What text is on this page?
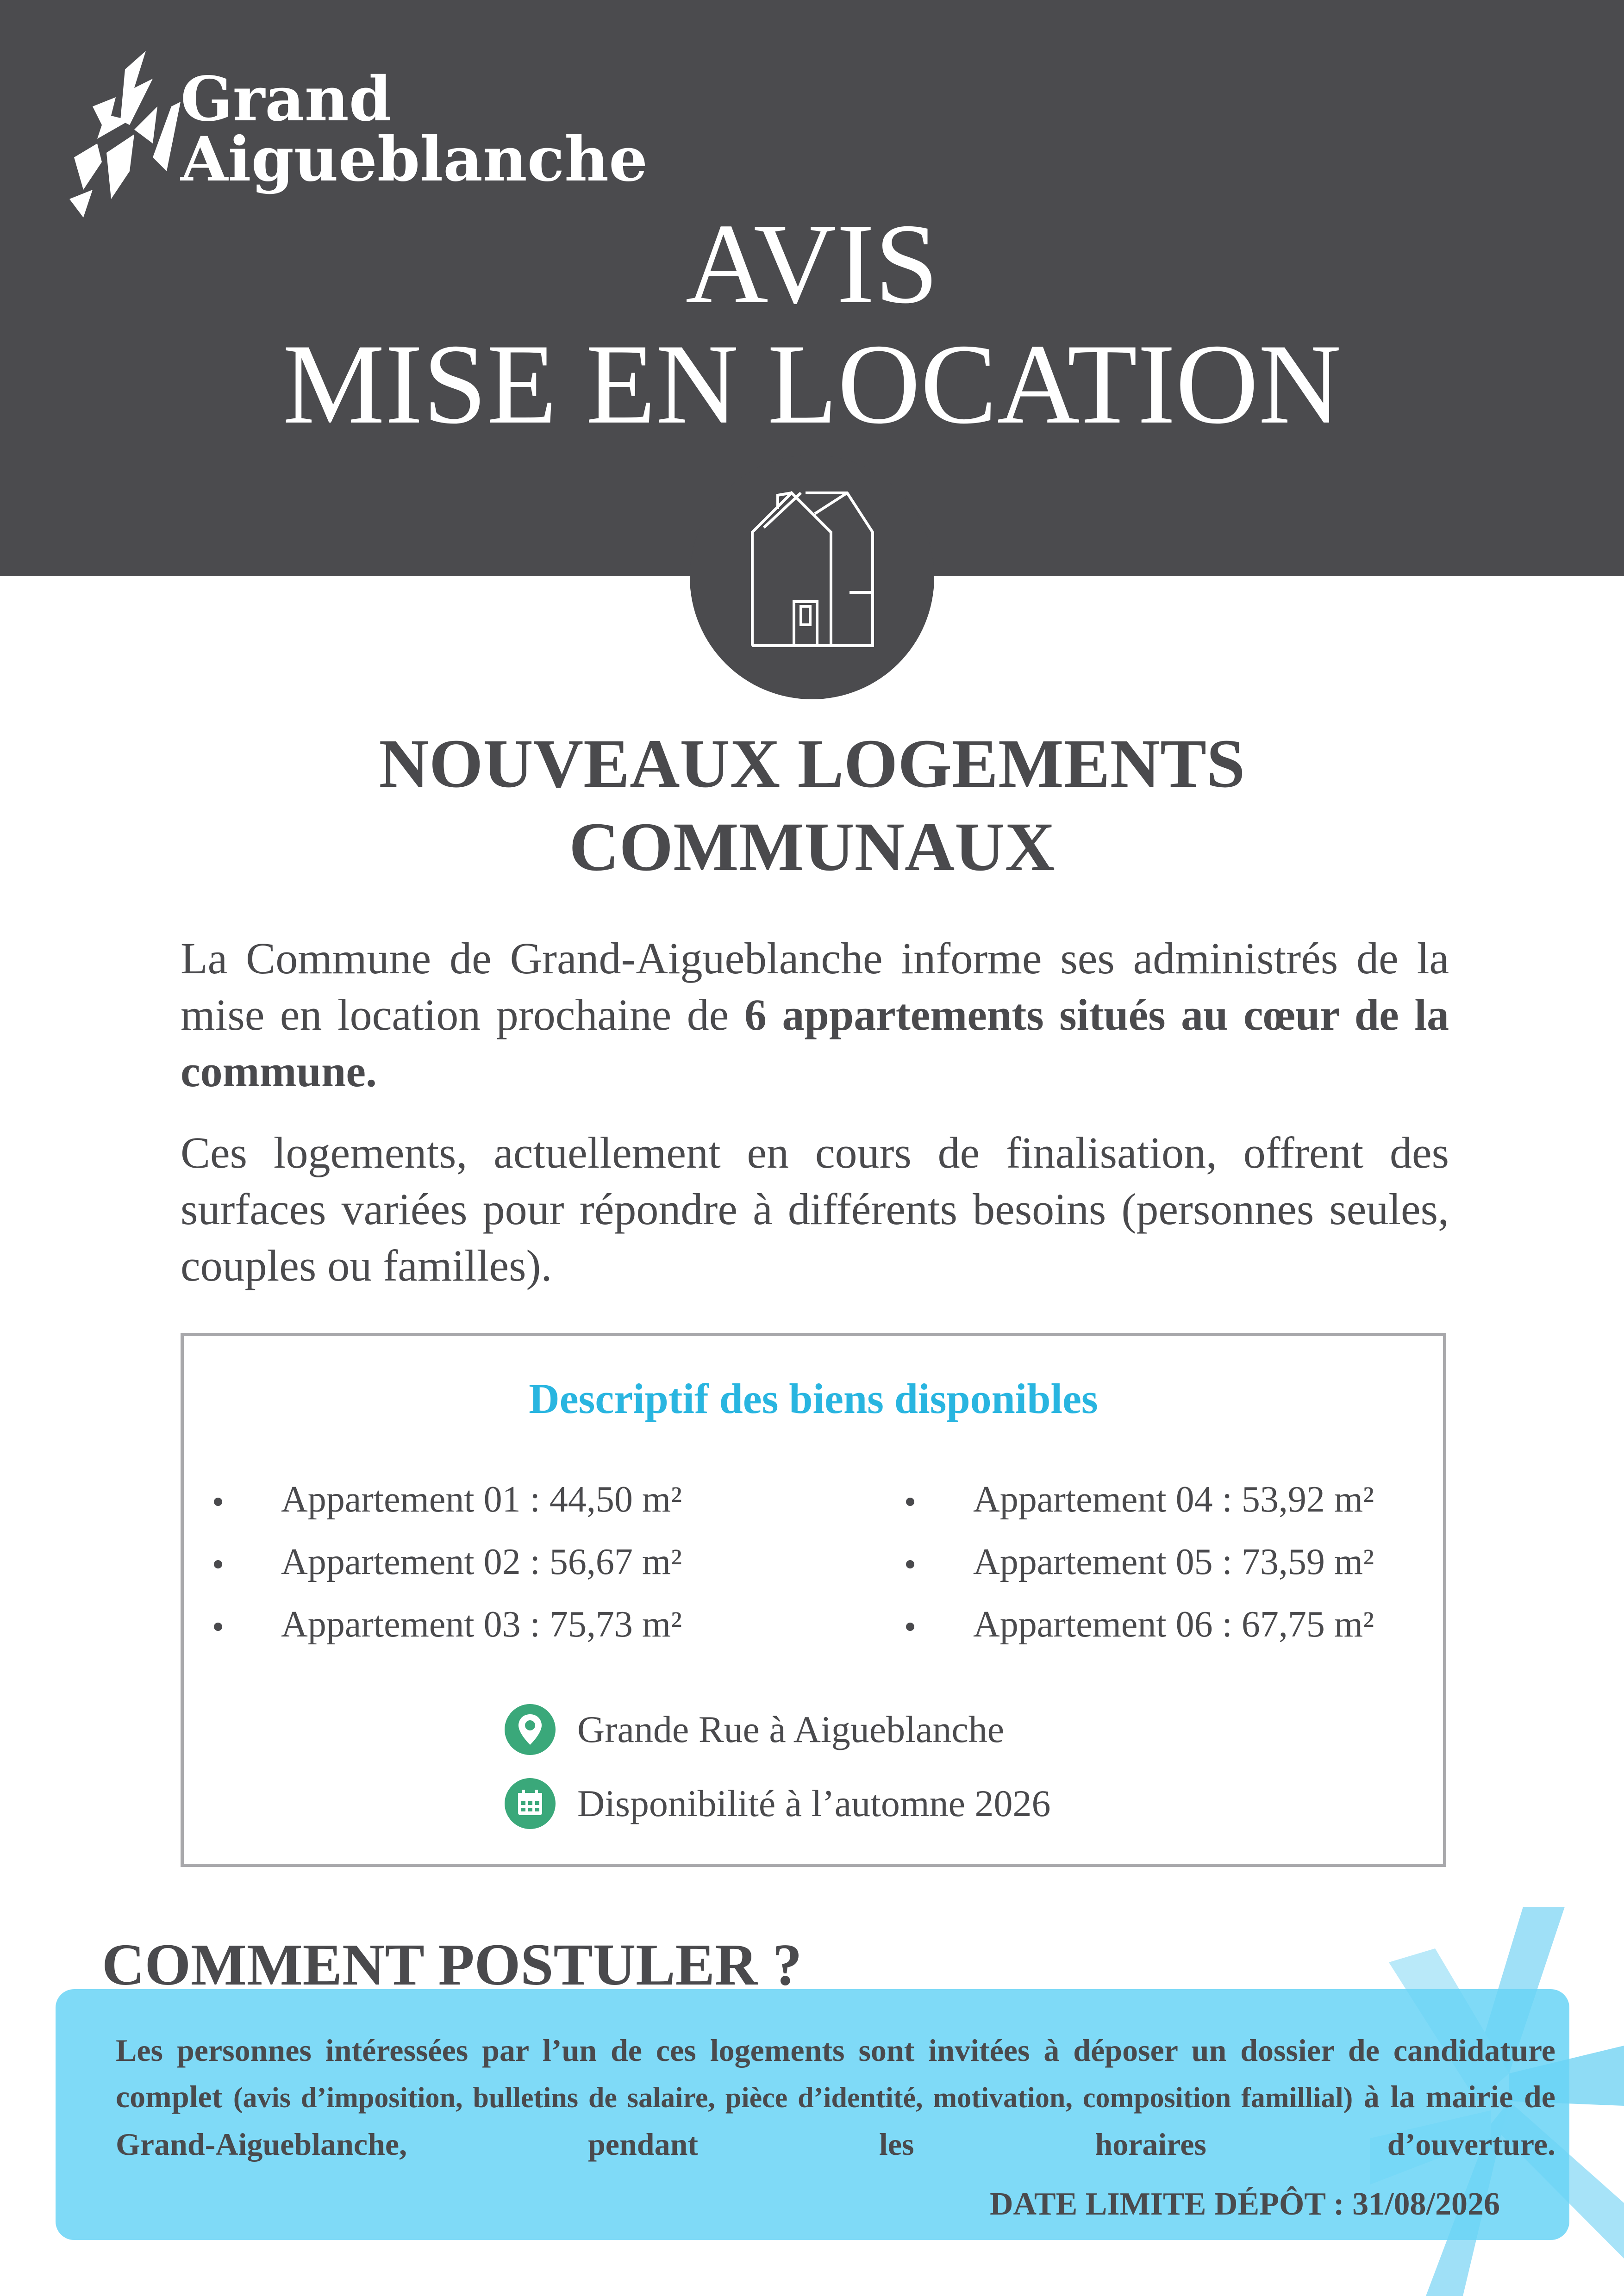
Grand
Aigueblanche
AVIS
MISE EN LOCATION
NOUVEAUX LOGEMENTS
COMMUNAUX
La Commune de Grand-Aigueblanche informe ses administrés de la mise en location prochaine de 6 appartements situés au cœur de la commune.
Ces logements, actuellement en cours de finalisation, offrent des surfaces variées pour répondre à différents besoins (personnes seules, couples ou familles).
Descriptif des biens disponibles
Appartement 01 : 44,50 m²
Appartement 02 : 56,67 m²
Appartement 03 : 75,73 m²
Appartement 04 : 53,92 m²
Appartement 05 : 73,59 m²
Appartement 06 : 67,75 m²
Grande Rue à Aigueblanche
Disponibilité à l’automne 2026
COMMENT POSTULER ?
Les personnes intéressées par l’un de ces logements sont invitées à déposer un dossier de candidature complet (avis d’imposition, bulletins de salaire, pièce d’identité, motivation, composition famillial) à la mairie de Grand-Aigueblanche, pendant les horaires d’ouverture.
DATE LIMITE DÉPÔT : 31/08/2026
